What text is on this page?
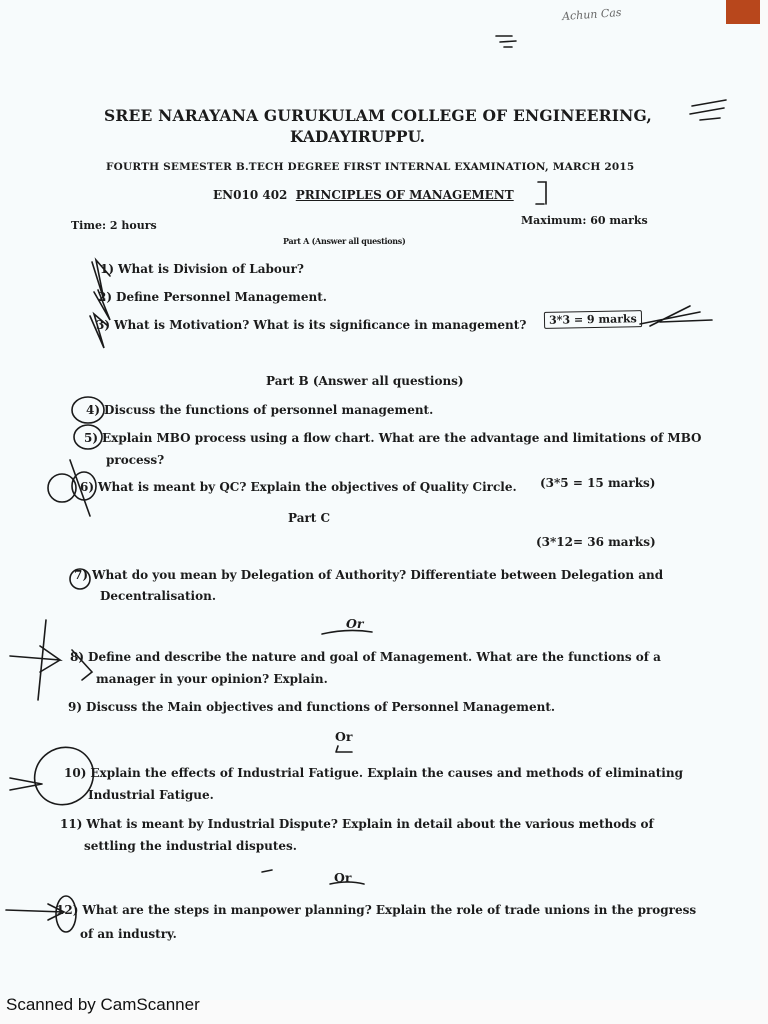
Achun Cas
SREE NARAYANA GURUKULAM COLLEGE OF ENGINEERING,
KADAYIRUPPU.
FOURTH SEMESTER B.TECH DEGREE FIRST INTERNAL EXAMINATION, MARCH 2015
EN010 402 PRINCIPLES OF MANAGEMENT
Time: 2 hours	Maximum: 60 marks
Part A (Answer all questions)
1) What is Division of Labour?
2) Define Personnel Management.
3) What is Motivation? What is its significance in management?	3*3 = 9 marks
Part B (Answer all questions)
4) Discuss the functions of personnel management.
5) Explain MBO process using a flow chart. What are the advantage and limitations of MBO
process?
6) What is meant by QC? Explain the objectives of Quality Circle. (3*5 = 15 marks)
Part C
(3*12= 36 marks)
7) What do you mean by Delegation of Authority? Differentiate between Delegation and
Decentralisation.
Or
8) Define and describe the nature and goal of Management. What are the functions of a
manager in your opinion? Explain.
9) Discuss the Main objectives and functions of Personnel Management.
Or
10) Explain the effects of Industrial Fatigue. Explain the causes and methods of eliminating
Industrial Fatigue.
11) What is meant by Industrial Dispute? Explain in detail about the various methods of
settling the industrial disputes.
Or
12) What are the steps in manpower planning? Explain the role of trade unions in the progress
of an industry.
Scanned by CamScanner
